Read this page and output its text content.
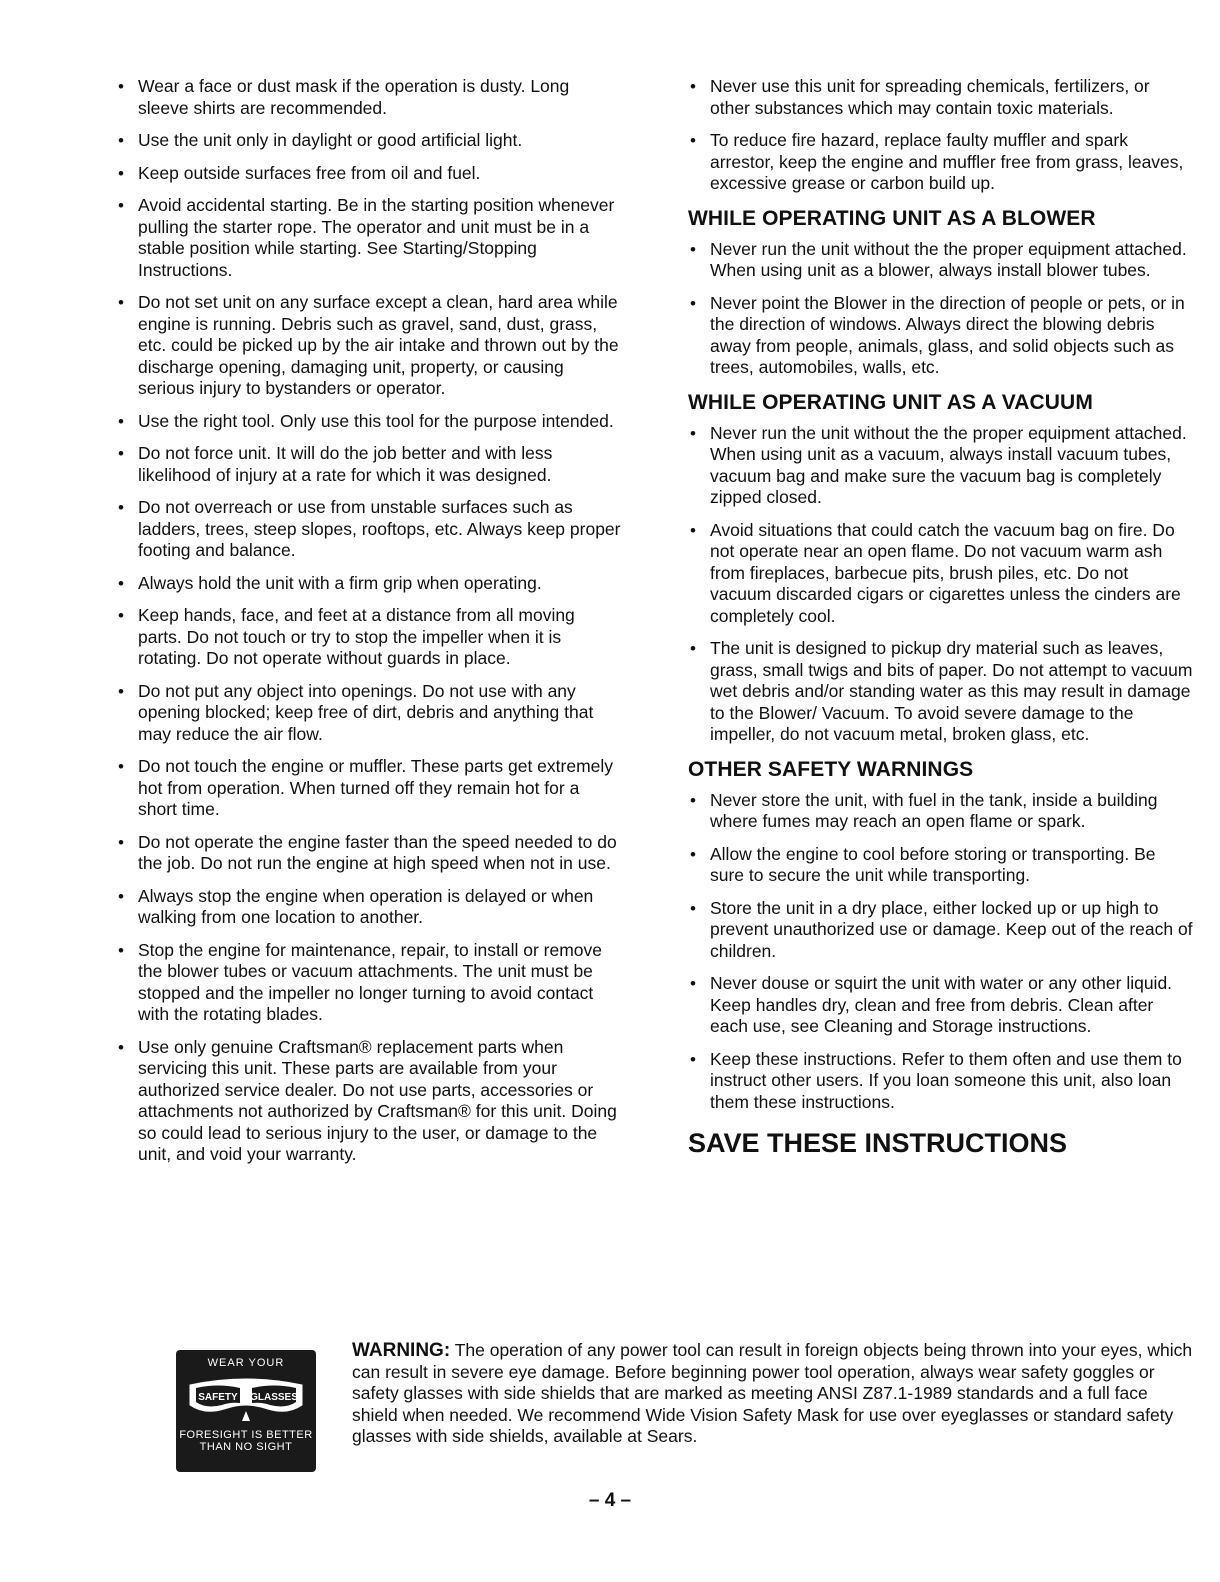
• Wear a face or dust mask if the operation is dusty. Long sleeve shirts are recommended.
• Use the unit only in daylight or good artificial light.
• Keep outside surfaces free from oil and fuel.
• Avoid accidental starting. Be in the starting position whenever pulling the starter rope. The operator and unit must be in a stable position while starting. See Starting/Stopping Instructions.
• Do not set unit on any surface except a clean, hard area while engine is running. Debris such as gravel, sand, dust, grass, etc. could be picked up by the air intake and thrown out by the discharge opening, damaging unit, property, or causing serious injury to bystanders or operator.
• Use the right tool. Only use this tool for the purpose intended.
• Do not force unit. It will do the job better and with less likelihood of injury at a rate for which it was designed.
• Do not overreach or use from unstable surfaces such as ladders, trees, steep slopes, rooftops, etc. Always keep proper footing and balance.
• Always hold the unit with a firm grip when operating.
• Keep hands, face, and feet at a distance from all moving parts. Do not touch or try to stop the impeller when it is rotating. Do not operate without guards in place.
• Do not put any object into openings. Do not use with any opening blocked; keep free of dirt, debris and anything that may reduce the air flow.
• Do not touch the engine or muffler. These parts get extremely hot from operation. When turned off they remain hot for a short time.
• Do not operate the engine faster than the speed needed to do the job. Do not run the engine at high speed when not in use.
• Always stop the engine when operation is delayed or when walking from one location to another.
• Stop the engine for maintenance, repair, to install or remove the blower tubes or vacuum attachments. The unit must be stopped and the impeller no longer turning to avoid contact with the rotating blades.
• Use only genuine Craftsman® replacement parts when servicing this unit. These parts are available from your authorized service dealer. Do not use parts, accessories or attachments not authorized by Craftsman® for this unit. Doing so could lead to serious injury to the user, or damage to the unit, and void your warranty.
• Never use this unit for spreading chemicals, fertilizers, or other substances which may contain toxic materials.
• To reduce fire hazard, replace faulty muffler and spark arrestor, keep the engine and muffler free from grass, leaves, excessive grease or carbon build up.
WHILE OPERATING UNIT AS A BLOWER
• Never run the unit without the the proper equipment attached. When using unit as a blower, always install blower tubes.
• Never point the Blower in the direction of people or pets, or in the direction of windows. Always direct the blowing debris away from people, animals, glass, and solid objects such as trees, automobiles, walls, etc.
WHILE OPERATING UNIT AS A VACUUM
• Never run the unit without the the proper equipment attached. When using unit as a vacuum, always install vacuum tubes, vacuum bag and make sure the vacuum bag is completely zipped closed.
• Avoid situations that could catch the vacuum bag on fire. Do not operate near an open flame. Do not vacuum warm ash from fireplaces, barbecue pits, brush piles, etc. Do not vacuum discarded cigars or cigarettes unless the cinders are completely cool.
• The unit is designed to pickup dry material such as leaves, grass, small twigs and bits of paper. Do not attempt to vacuum wet debris and/or standing water as this may result in damage to the Blower/ Vacuum. To avoid severe damage to the impeller, do not vacuum metal, broken glass, etc.
OTHER SAFETY WARNINGS
• Never store the unit, with fuel in the tank, inside a building where fumes may reach an open flame or spark.
• Allow the engine to cool before storing or transporting. Be sure to secure the unit while transporting.
• Store the unit in a dry place, either locked up or up high to prevent unauthorized use or damage. Keep out of the reach of children.
• Never douse or squirt the unit with water or any other liquid. Keep handles dry, clean and free from debris. Clean after each use, see Cleaning and Storage instructions.
• Keep these instructions. Refer to them often and use them to instruct other users. If you loan someone this unit, also loan them these instructions.
SAVE THESE INSTRUCTIONS
WEAR YOUR
SAFETY GLASSES
FORESIGHT IS BETTER
THAN NO SIGHT
WARNING: The operation of any power tool can result in foreign objects being thrown into your eyes, which can result in severe eye damage. Before beginning power tool operation, always wear safety goggles or safety glasses with side shields that are marked as meeting ANSI Z87.1-1989 standards and a full face shield when needed. We recommend Wide Vision Safety Mask for use over eyeglasses or standard safety glasses with side shields, available at Sears.
– 4 –
